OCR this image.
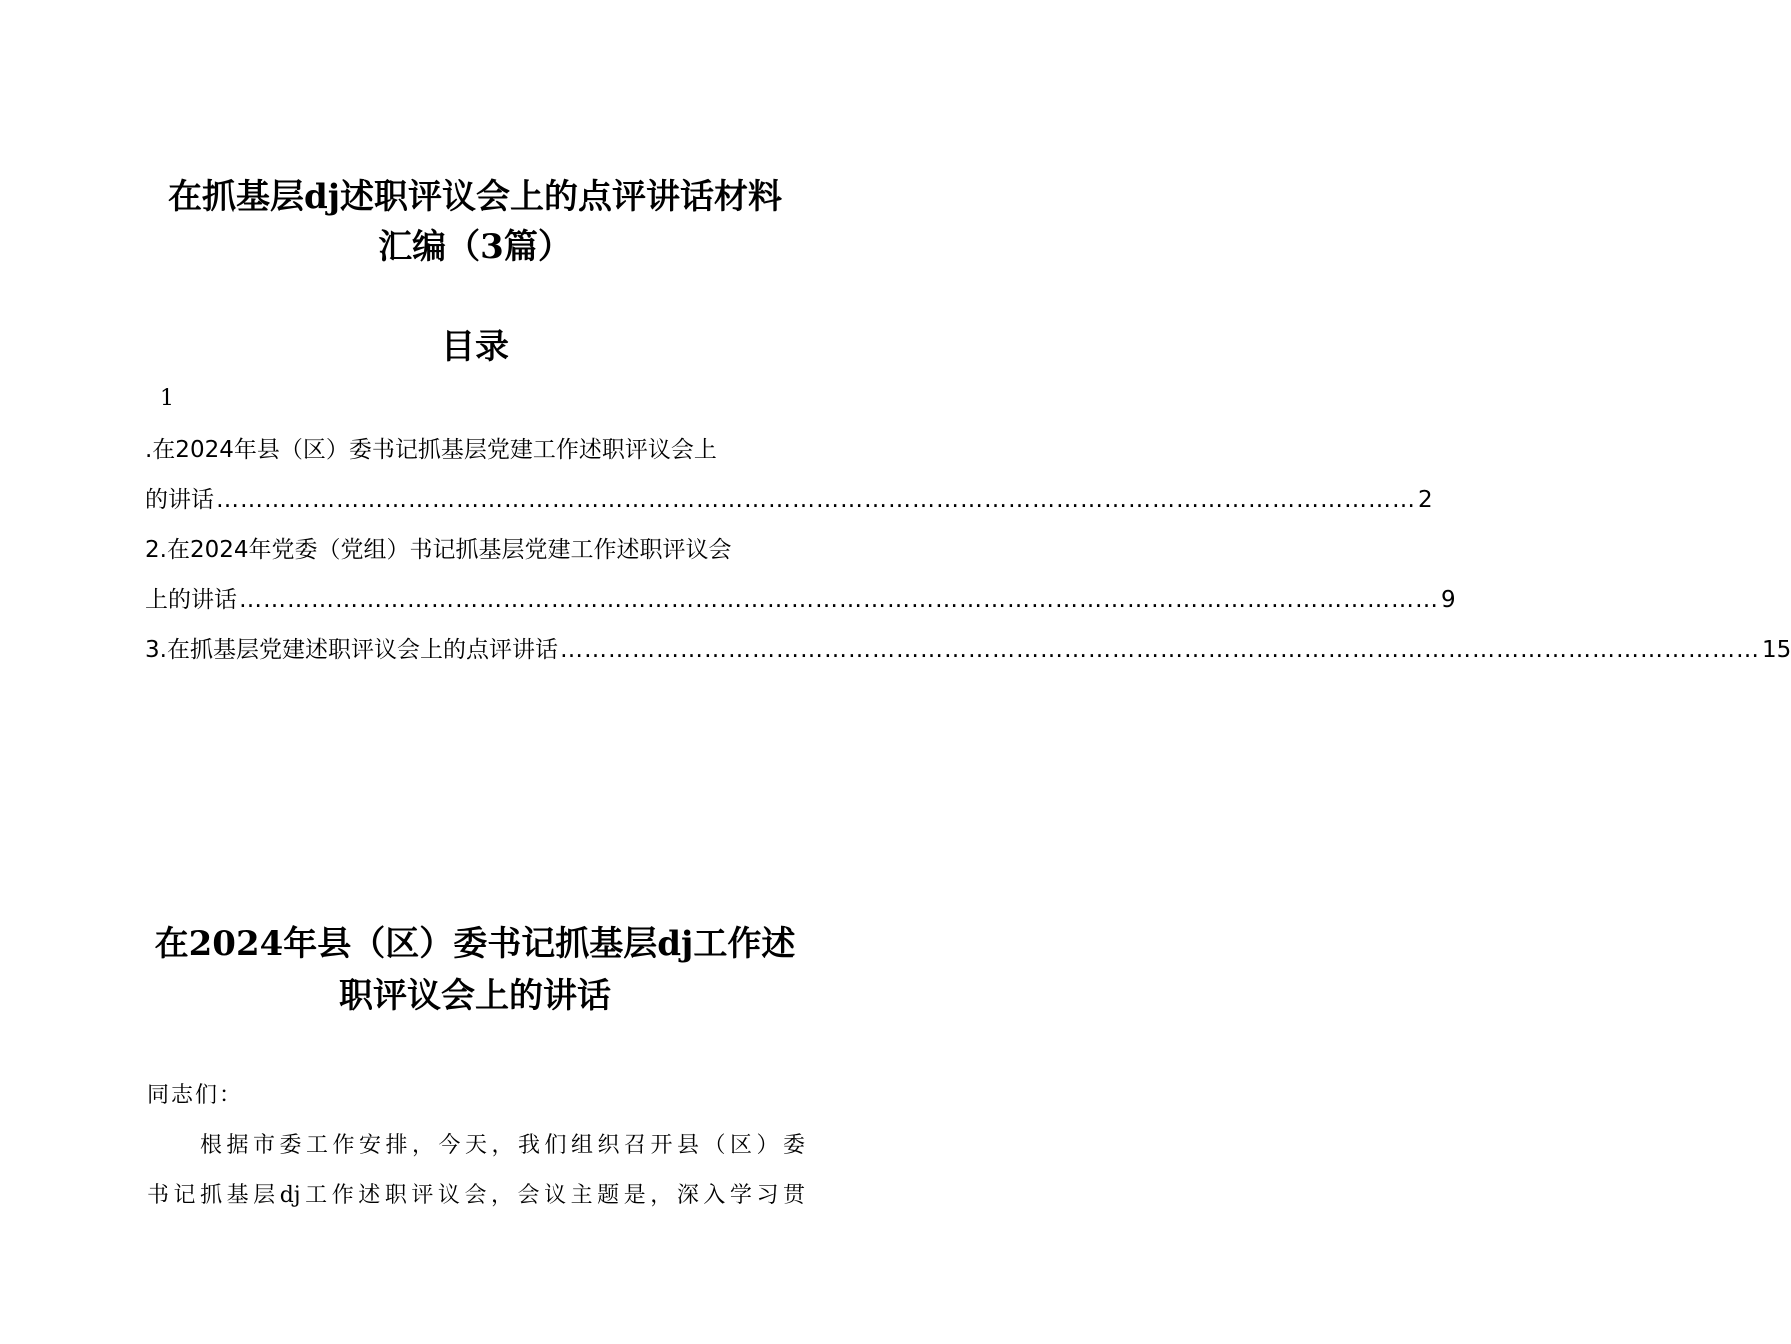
在抓基层dj述职评议会上的点评讲话材料
汇编（3篇）
目录
1
.在2024年县（区）委书记抓基层党建工作述职评议会上
的讲话 …………………………………………………………………………………………………………………………………… 2
2.在2024年党委（党组）书记抓基层党建工作述职评议会
上的讲话 …………………………………………………………………………………………………………………………………… 9
3.在抓基层党建述职评议会上的点评讲话 …………………………………………………………………………………………………………………………………… 15
在2024年县（区）委书记抓基层dj工作述
职评议会上的讲话
同志们：
　　根据市委工作安排，今天，我们组织召开县（区）委
书记抓基层dj工作述职评议会，会议主题是，深入学习贯
